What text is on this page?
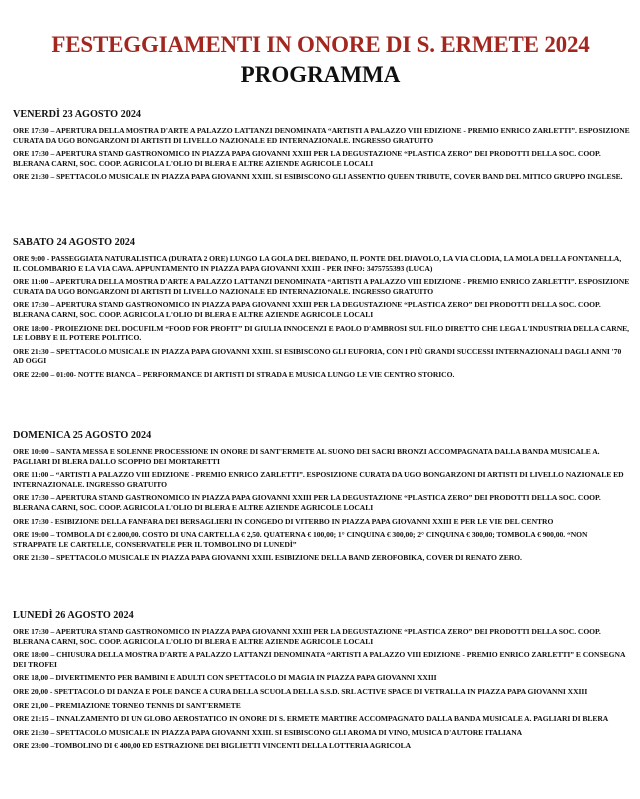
FESTEGGIAMENTI IN ONORE DI S. ERMETE 2024
PROGRAMMA
VENERDÌ 23 AGOSTO 2024

ORE 17:30 – APERTURA DELLA MOSTRA D'ARTE A PALAZZO LATTANZI DENOMINATA “ARTISTI A PALAZZO VIII EDIZIONE - PREMIO ENRICO ZARLETTI”. ESPOSIZIONE CURATA DA UGO BONGARZONI DI ARTISTI DI LIVELLO NAZIONALE ED INTERNAZIONALE. INGRESSO GRATUITO

ORE 17:30 – APERTURA STAND GASTRONOMICO IN PIAZZA PAPA GIOVANNI XXIII PER LA DEGUSTAZIONE “PLASTICA ZERO” DEI PRODOTTI DELLA SOC. COOP. BLERANA CARNI, SOC. COOP. AGRICOLA L'OLIO DI BLERA E ALTRE AZIENDE AGRICOLE LOCALI

ORE 21:30 – SPETTACOLO MUSICALE IN PIAZZA PAPA GIOVANNI XXIII. SI ESIBISCONO GLI ASSENTIO QUEEN TRIBUTE, COVER BAND DEL MITICO GRUPPO INGLESE.

SABATO 24 AGOSTO 2024

ORE 9:00 - PASSEGGIATA NATURALISTICA (DURATA 2 ORE) LUNGO LA GOLA DEL BIEDANO, IL PONTE DEL DIAVOLO, LA VIA CLODIA, LA MOLA DELLA FONTANELLA, IL COLOMBARIO E LA VIA CAVA. APPUNTAMENTO IN PIAZZA PAPA GIOVANNI XXIII - PER INFO: 3475755393 (LUCA)

ORE 11:00 – APERTURA DELLA MOSTRA D'ARTE A PALAZZO LATTANZI DENOMINATA “ARTISTI A PALAZZO VIII EDIZIONE - PREMIO ENRICO ZARLETTI”. ESPOSIZIONE CURATA DA UGO BONGARZONI DI ARTISTI DI LIVELLO NAZIONALE ED INTERNAZIONALE. INGRESSO GRATUITO

ORE 17:30 – APERTURA STAND GASTRONOMICO IN PIAZZA PAPA GIOVANNI XXIII PER LA DEGUSTAZIONE “PLASTICA ZERO” DEI PRODOTTI DELLA SOC. COOP. BLERANA CARNI, SOC. COOP. AGRICOLA L'OLIO DI BLERA E ALTRE AZIENDE AGRICOLE LOCALI

ORE 18:00 - PROIEZIONE DEL DOCUFILM “FOOD FOR PROFIT” DI GIULIA INNOCENZI E PAOLO D'AMBROSI SUL FILO DIRETTO CHE LEGA L'INDUSTRIA DELLA CARNE, LE LOBBY E IL POTERE POLITICO.

ORE 21:30 – SPETTACOLO MUSICALE IN PIAZZA PAPA GIOVANNI XXIII. SI ESIBISCONO GLI EUFORIA, CON I PIÙ GRANDI SUCCESSI INTERNAZIONALI DAGLI ANNI '70 AD OGGI

ORE 22:00 – 01:00- NOTTE BIANCA – PERFORMANCE DI ARTISTI DI STRADA E MUSICA LUNGO LE VIE CENTRO STORICO.

DOMENICA 25 AGOSTO 2024

ORE 10:00 – SANTA MESSA E SOLENNE PROCESSIONE IN ONORE DI SANT'ERMETE AL SUONO DEI SACRI BRONZI ACCOMPAGNATA DALLA BANDA MUSICALE A. PAGLIARI DI BLERA DALLO SCOPPIO DEI MORTARETTI

ORE 11:00 – “ARTISTI A PALAZZO VIII EDIZIONE - PREMIO ENRICO ZARLETTI”. ESPOSIZIONE CURATA DA UGO BONGARZONI DI ARTISTI DI LIVELLO NAZIONALE ED INTERNAZIONALE. INGRESSO GRATUITO

ORE 17:30 – APERTURA STAND GASTRONOMICO IN PIAZZA PAPA GIOVANNI XXIII PER LA DEGUSTAZIONE “PLASTICA ZERO” DEI PRODOTTI DELLA SOC. COOP. BLERANA CARNI, SOC. COOP. AGRICOLA L'OLIO DI BLERA E ALTRE AZIENDE AGRICOLE LOCALI

ORE 17:30 - ESIBIZIONE DELLA FANFARA DEI BERSAGLIERI IN CONGEDO DI VITERBO IN PIAZZA PAPA GIOVANNI XXIII E PER LE VIE DEL CENTRO

ORE 19:00 – TOMBOLA DI € 2.000,00. COSTO DI UNA CARTELLA € 2,50. QUATERNA € 100,00; 1° CINQUINA € 300,00; 2° CINQUINA € 300,00; TOMBOLA € 900,00. “NON STRAPPATE LE CARTELLE, CONSERVATELE PER IL TOMBOLINO DI LUNEDÌ”

ORE 21:30 – SPETTACOLO MUSICALE IN PIAZZA PAPA GIOVANNI XXIII. ESIBIZIONE DELLA BAND ZEROFOBIKA, COVER DI RENATO ZERO.

LUNEDÌ 26 AGOSTO 2024

ORE 17:30 – APERTURA STAND GASTRONOMICO IN PIAZZA PAPA GIOVANNI XXIII PER LA DEGUSTAZIONE “PLASTICA ZERO” DEI PRODOTTI DELLA SOC. COOP. BLERANA CARNI, SOC. COOP. AGRICOLA L'OLIO DI BLERA E ALTRE AZIENDE AGRICOLE LOCALI

ORE 18:00 – CHIUSURA DELLA MOSTRA D'ARTE A PALAZZO LATTANZI DENOMINATA “ARTISTI A PALAZZO VIII EDIZIONE - PREMIO ENRICO ZARLETTI” E CONSEGNA DEI TROFEI

ORE 18,00 – DIVERTIMENTO PER BAMBINI E ADULTI CON SPETTACOLO DI MAGIA IN PIAZZA PAPA GIOVANNI XXIII

ORE 20,00 - SPETTACOLO DI DANZA E POLE DANCE A CURA DELLA SCUOLA DELLA S.S.D. SRL ACTIVE SPACE DI VETRALLA IN PIAZZA PAPA GIOVANNI XXIII

ORE 21,00 – PREMIAZIONE TORNEO TENNIS DI SANT'ERMETE

ORE 21:15 – INNALZAMENTO DI UN GLOBO AEROSTATICO IN ONORE DI S. ERMETE MARTIRE ACCOMPAGNATO DALLA BANDA MUSICALE A. PAGLIARI DI BLERA

ORE 21:30 – SPETTACOLO MUSICALE IN PIAZZA PAPA GIOVANNI XXIII. SI ESIBISCONO GLI AROMA DI VINO, MUSICA D'AUTORE ITALIANA

ORE 23:00 –TOMBOLINO DI € 400,00 ED ESTRAZIONE DEI BIGLIETTI VINCENTI DELLA LOTTERIA AGRICOLA
